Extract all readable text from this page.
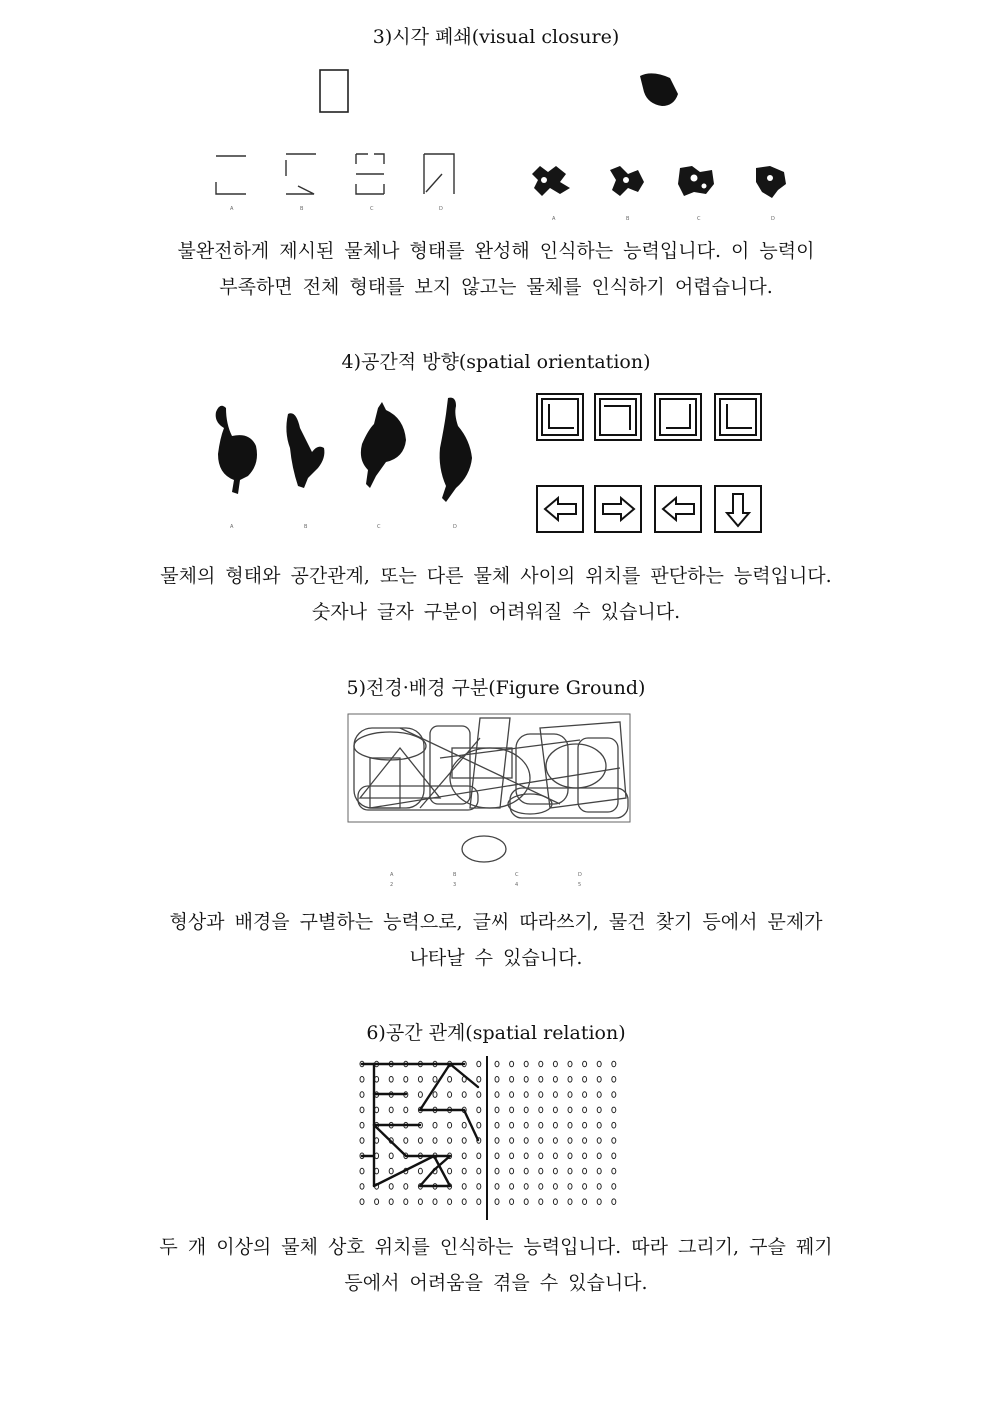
3)시각 폐쇄(visual closure)
A	B	C	D
A	B	C	D
불완전하게 제시된 물체나 형태를 완성해 인식하는 능력입니다. 이 능력이
부족하면 전체 형태를 보지 않고는 물체를 인식하기 어렵습니다.
4)공간적 방향(spatial orientation)
A	B	C	D
물체의 형태와 공간관계, 또는 다른 물체 사이의 위치를 판단하는 능력입니다.
숫자나 글자 구분이 어려워질 수 있습니다.
5)전경·배경 구분(Figure Ground)
A	B	C	D
2	3	4	5
형상과 배경을 구별하는 능력으로, 글씨 따라쓰기, 물건 찾기 등에서 문제가
나타날 수 있습니다.
6)공간 관계(spatial relation)
두 개 이상의 물체 상호 위치를 인식하는 능력입니다. 따라 그리기, 구슬 꿰기
등에서 어려움을 겪을 수 있습니다.
